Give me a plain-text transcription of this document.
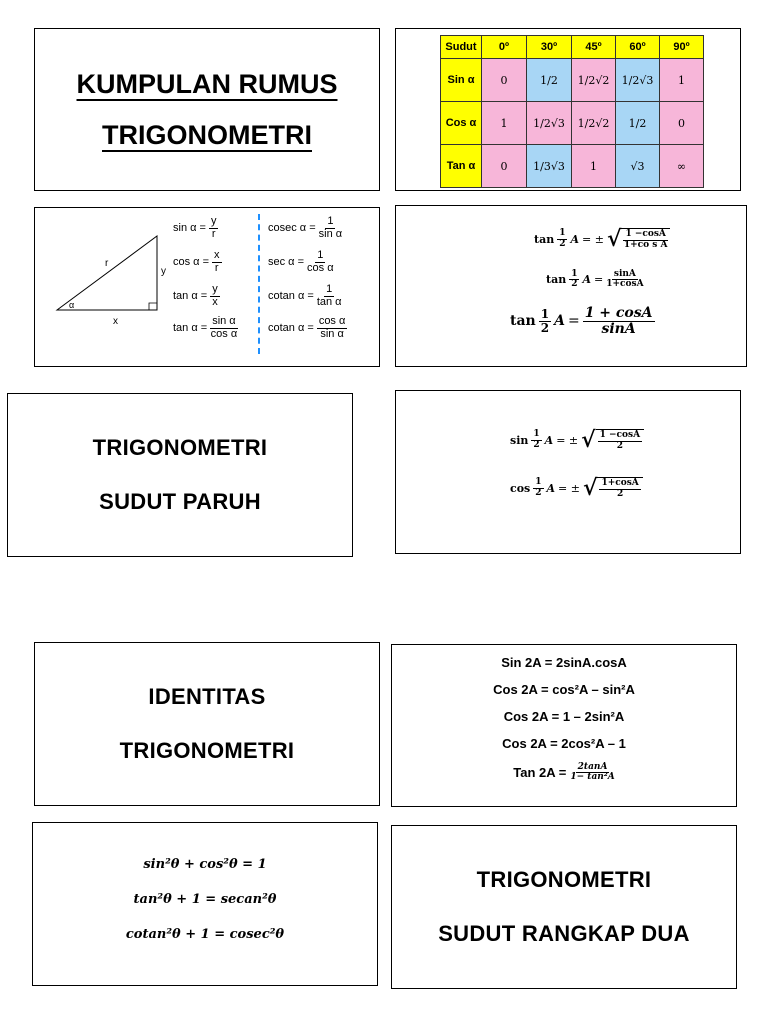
KUMPULAN RUMUS
TRIGONOMETRI
Sudut	0º	30º	45º	60º	90º
Sin α	0	1/2	1/2√2	1/2√3	1
Cos α	1	1/2√3	1/2√2	1/2	0
Tan α	0	1/3√3	1	√3	∞
r
y
x
α
$\sin \alpha = \frac{y}{r}$
$\cos \alpha = \frac{x}{r}$
$\tan \alpha = \frac{y}{x}$
$\tan \alpha = \frac{\text{sin α}}{\text{cos α}}$
cosec $\alpha = \frac{1}{\text{sin α}}$
$\sec \alpha = \frac{1}{\text{cos α}}$
cotan $\alpha = \frac{1}{\text{tan α}}$
cotan $\alpha = \frac{\text{cos α}}{\text{sin α}}$
$\tan \frac{1}{2}$ A = ± √ $\frac{1 -\cos A}{\text{1+co s A}}$
$\tan \frac{1}{2}$ $A = \frac{\sin A}{1+\cos A}$
$\tan \frac{1}{2}$ $A = \frac{1 + \cos A}{\sin A}$
TRIGONOMETRI
SUDUT PARUH
$\sin \frac{1}{2}$ A = ± √ $\frac{1 -\cos A}{2}$
$\cos \frac{1}{2}$ A = ± √ $\frac{1+\cos A}{2}$
IDENTITAS
TRIGONOMETRI
Sin 2A = 2sinA.cosA
Cos 2A = cos²A – sin²A
Cos 2A = 1 – 2sin²A
Cos 2A = 2cos²A – 1
Tan $2A = \frac{2\tan A}{\text{1− tan²A}}$
sin²θ + cos²θ = 1
tan²θ + 1 = secan²θ
cotan²θ + 1 = cosec²θ
TRIGONOMETRI
SUDUT RANGKAP DUA
